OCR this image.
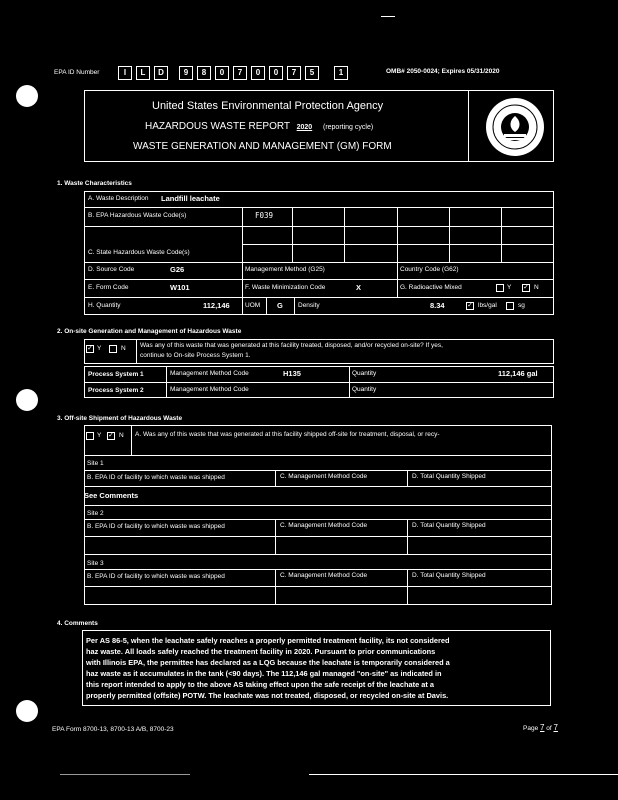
EPA ID Number	I	L	D	9	8	0	7	0	0	7	5	1	OMB# 2050-0024; Expires 05/31/2020
United States Environmental Protection Agency
HAZARDOUS WASTE REPORT 2020 (reporting cycle)
WASTE GENERATION AND MANAGEMENT (GM) FORM
1. Waste Characteristics
A. Waste Description Landfill leachate
B. EPA Hazardous Waste Code(s)	F039
C. State Hazardous Waste Code(s)
D. Source Code	G26	Management Method (G25)	Country Code (G62)
E. Form Code	W101	F. Waste Minimization Code	X	G. Radioactive Mixed	Y ✓ N
H. Quantity	112,146 UOM G Density	8.34	✓ lbs/gal	sg
2. On-site Generation and Management of Hazardous Waste
✓ Y	N Was any of this waste that was generated at this facility treated, disposed, and/or recycled on-site? If yes,
continue to On-site Process System 1.
Process System 1	Management Method Code	H135	Quantity	112,146 gal
Process System 2	Management Method Code	Quantity
3. Off-site Shipment of Hazardous Waste
Y ✓ N A. Was any of this waste that was generated at this facility shipped off-site for treatment, disposal, or recy-
Site 1
B. EPA ID of facility to which waste was shipped	C. Management Method Code	D. Total Quantity Shipped
See Comments
Site 2
B. EPA ID of facility to which waste was shipped	C. Management Method Code	D. Total Quantity Shipped
Site 3
B. EPA ID of facility to which waste was shipped	C. Management Method Code	D. Total Quantity Shipped
4. Comments
Per AS 86-5, when the leachate safely reaches a properly permitted treatment facility, its not considered
haz waste. All loads safely reached the treatment facility in 2020. Pursuant to prior communications
with Illinois EPA, the permittee has declared as a LQG because the leachate is temporarily considered a
haz waste as it accumulates in the tank (<90 days). The 112,146 gal managed "on-site" as indicated in
this report intended to apply to the above AS taking effect upon the safe receipt of the leachate at a
properly permitted (offsite) POTW. The leachate was not treated, disposed, or recycled on-site at Davis.
EPA Form 8700-13, 8700-13 A/B, 8700-23	Page 7 of 7
